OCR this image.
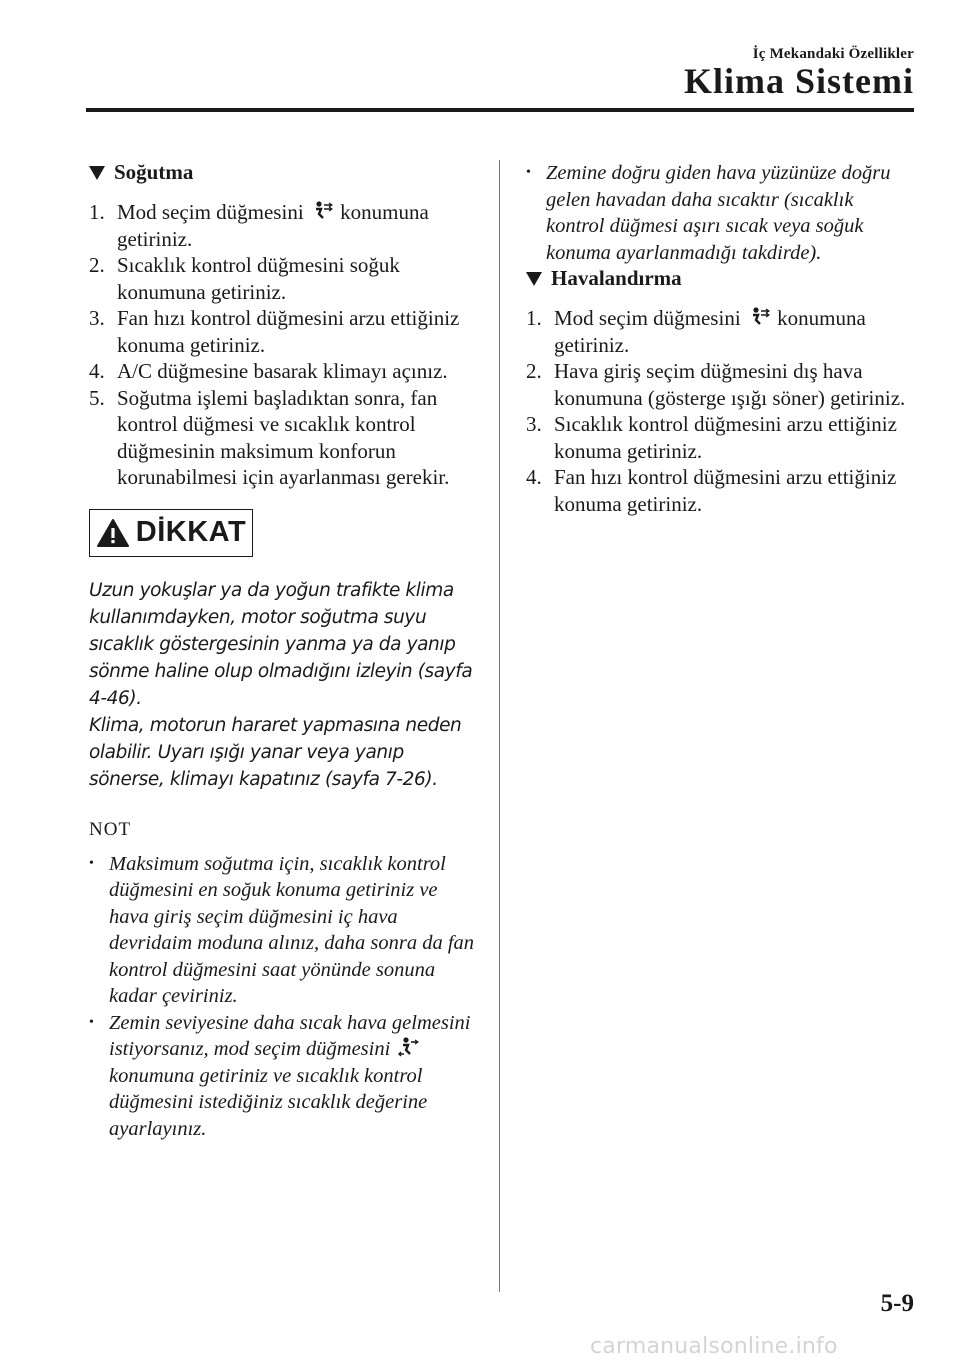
İç Mekandaki Özellikler
Klima Sistemi
Soğutma
1. Mod seçim düğmesini konumuna getiriniz.
2. Sıcaklık kontrol düğmesini soğuk konumuna getiriniz.
3. Fan hızı kontrol düğmesini arzu ettiğiniz konuma getiriniz.
4. A/C düğmesine basarak klimayı açınız.
5. Soğutma işlemi başladıktan sonra, fan kontrol düğmesi ve sıcaklık kontrol düğmesinin maksimum konforun korunabilmesi için ayarlanması gerekir.
DİKKAT
Uzun yokuşlar ya da yoğun trafikte klima kullanımdayken, motor soğutma suyu sıcaklık göstergesinin yanma ya da yanıp sönme haline olup olmadığını izleyin (sayfa 4-46).
Klima, motorun hararet yapmasına neden olabilir. Uyarı ışığı yanar veya yanıp sönerse, klimayı kapatınız (sayfa 7-26).
NOT
• Maksimum soğutma için, sıcaklık kontrol düğmesini en soğuk konuma getiriniz ve hava giriş seçim düğmesini iç hava devridaim moduna alınız, daha sonra da fan kontrol düğmesini saat yönünde sonuna kadar çeviriniz.
• Zemin seviyesine daha sıcak hava gelmesini istiyorsanız, mod seçim düğmesini  konumuna getiriniz ve sıcaklık kontrol düğmesini istediğiniz sıcaklık değerine ayarlayınız.
• Zemine doğru giden hava yüzünüze doğru gelen havadan daha sıcaktır (sıcaklık kontrol düğmesi aşırı sıcak veya soğuk konuma ayarlanmadığı takdirde).
Havalandırma
1. Mod seçim düğmesini konumuna getiriniz.
2. Hava giriş seçim düğmesini dış hava konumuna (gösterge ışığı söner) getiriniz.
3. Sıcaklık kontrol düğmesini arzu ettiğiniz konuma getiriniz.
4. Fan hızı kontrol düğmesini arzu ettiğiniz konuma getiriniz.
5-9
carmanualsonline.info
